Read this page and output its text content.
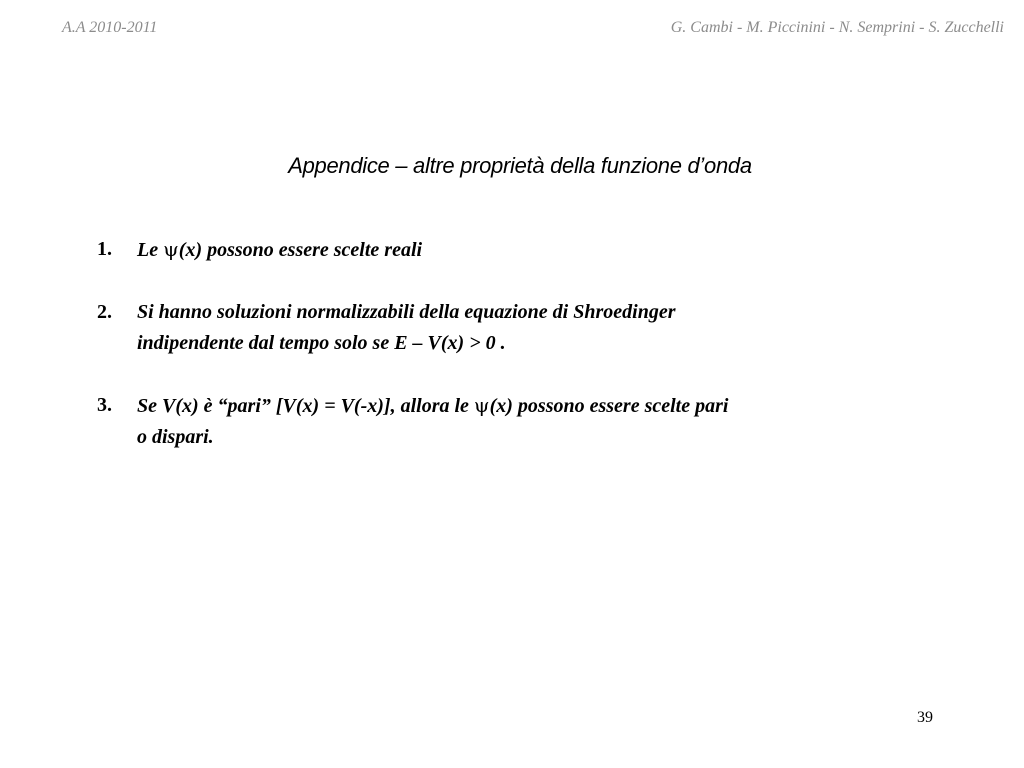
A.A 2010-2011	G. Cambi - M. Piccinini - N. Semprini - S. Zucchelli
Appendice – altre proprietà della funzione d’onda
1. Le ψ(x) possono essere scelte reali
2. Si hanno soluzioni normalizzabili della equazione di Shroedinger
indipendente dal tempo solo se E – V(x) > 0 .
3. Se V(x) è “pari” [V(x) = V(-x)], allora le ψ(x) possono essere scelte pari
o dispari.
39
